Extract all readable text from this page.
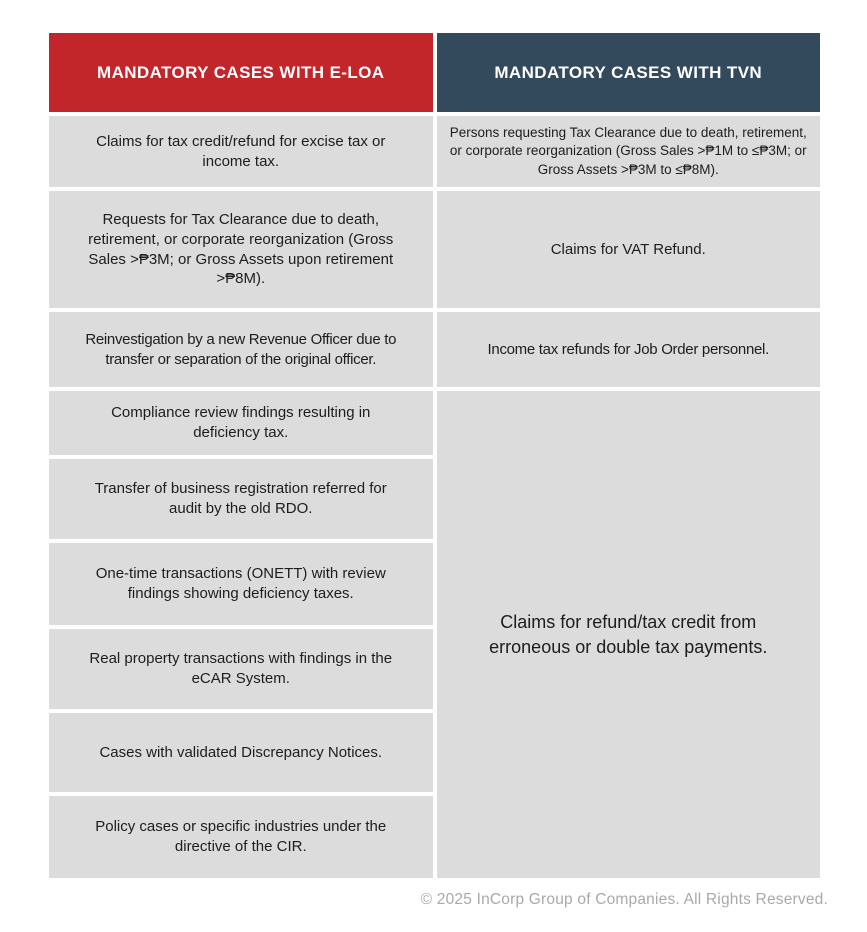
MANDATORY CASES WITH E-LOA
Claims for tax credit/refund for excise tax or income tax.
Requests for Tax Clearance due to death, retirement, or corporate reorganization (Gross Sales >₱3M; or Gross Assets upon retirement >₱8M).
Reinvestigation by a new Revenue Officer due to transfer or separation of the original officer.
Compliance review findings resulting in deficiency tax.
Transfer of business registration referred for audit by the old RDO.
One-time transactions (ONETT) with review findings showing deficiency taxes.
Real property transactions with findings in the eCAR System.
Cases with validated Discrepancy Notices.
Policy cases or specific industries under the directive of the CIR.
MANDATORY CASES WITH TVN
Persons requesting Tax Clearance due to death, retirement, or corporate reorganization (Gross Sales >₱1M to ≤₱3M; or Gross Assets >₱3M to ≤₱8M).
Claims for VAT Refund.
Income tax refunds for Job Order personnel.
Claims for refund/tax credit from erroneous or double tax payments.
© 2025 InCorp Group of Companies. All Rights Reserved.
